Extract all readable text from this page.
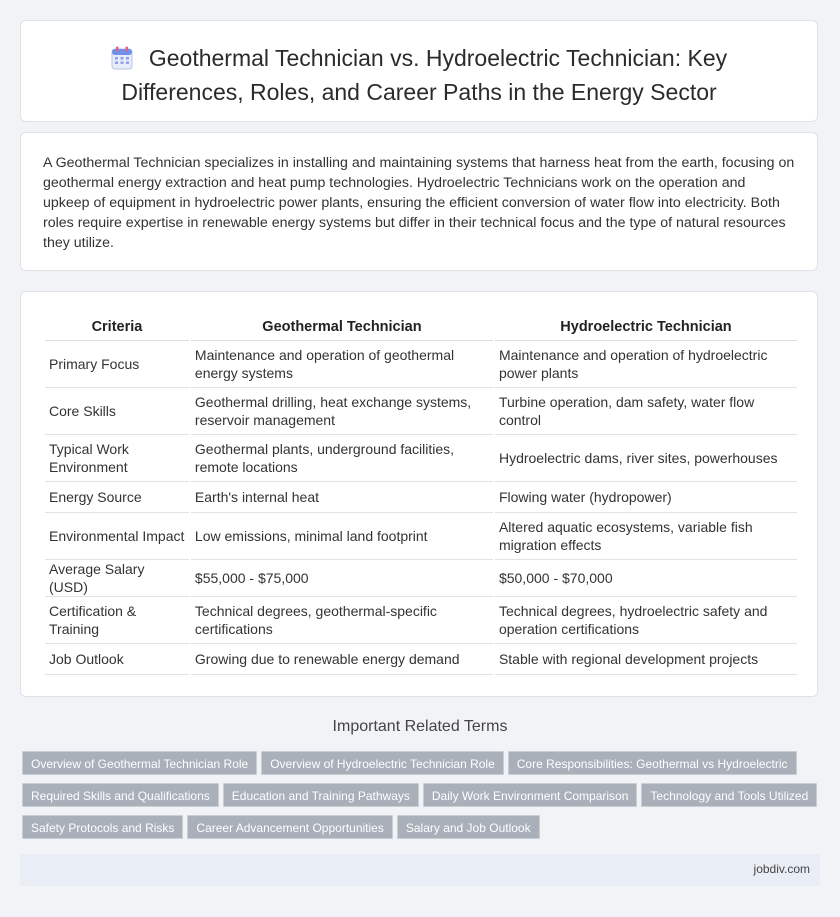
Geothermal Technician vs. Hydroelectric Technician: Key Differences, Roles, and Career Paths in the Energy Sector

A Geothermal Technician specializes in installing and maintaining systems that harness heat from the earth, focusing on geothermal energy extraction and heat pump technologies. Hydroelectric Technicians work on the operation and upkeep of equipment in hydroelectric power plants, ensuring the efficient conversion of water flow into electricity. Both roles require expertise in renewable energy systems but differ in their technical focus and the type of natural resources they utilize.

Criteria	Geothermal Technician	Hydroelectric Technician
Primary Focus	Maintenance and operation of geothermal energy systems	Maintenance and operation of hydroelectric power plants
Core Skills	Geothermal drilling, heat exchange systems, reservoir management	Turbine operation, dam safety, water flow control
Typical Work Environment	Geothermal plants, underground facilities, remote locations	Hydroelectric dams, river sites, powerhouses
Energy Source	Earth's internal heat	Flowing water (hydropower)
Environmental Impact	Low emissions, minimal land footprint	Altered aquatic ecosystems, variable fish migration effects
Average Salary (USD)	$55,000 - $75,000	$50,000 - $70,000
Certification & Training	Technical degrees, geothermal-specific certifications	Technical degrees, hydroelectric safety and operation certifications
Job Outlook	Growing due to renewable energy demand	Stable with regional development projects
Important Related Terms
Overview of Geothermal Technician Role Overview of Hydroelectric Technician Role Core Responsibilities: Geothermal vs Hydroelectric
Required Skills and Qualifications Education and Training Pathways Daily Work Environment Comparison Technology and Tools Utilized
Safety Protocols and Risks Career Advancement Opportunities Salary and Job Outlook
jobdiv.com
